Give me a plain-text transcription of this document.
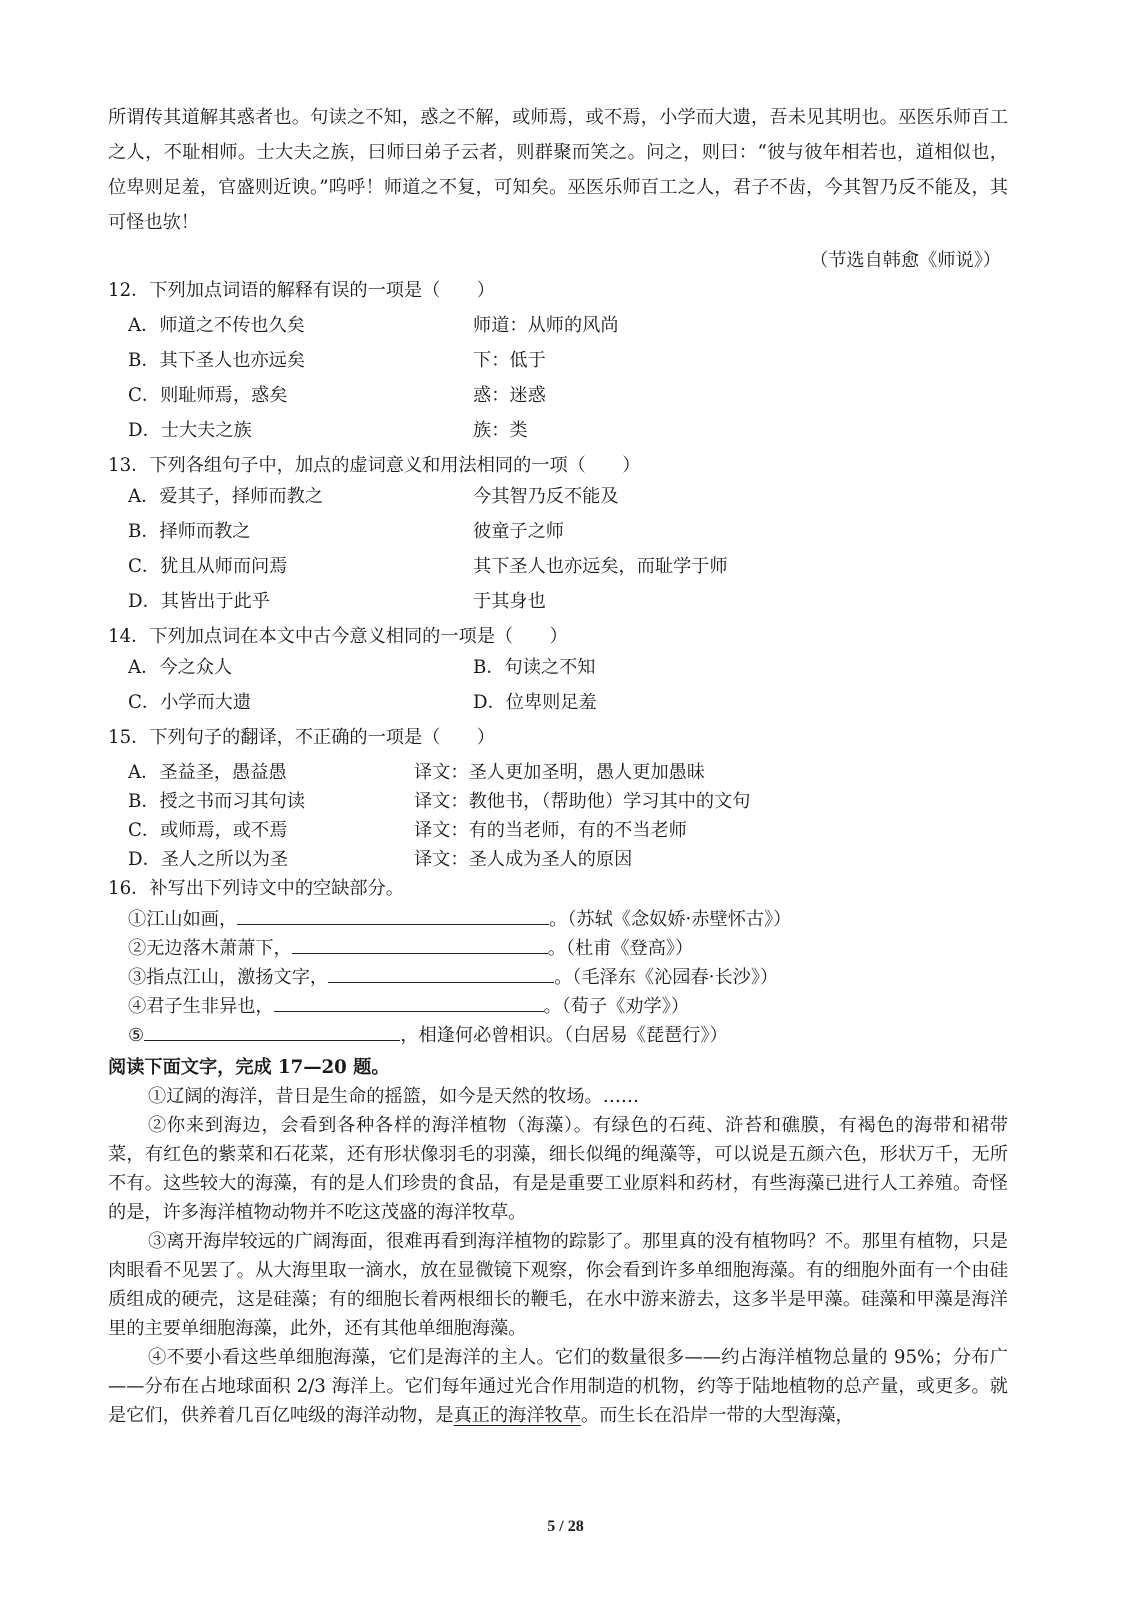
所谓传其道解其惑者也。句读之不知，惑之不解，或师焉，或不焉，小学而大遗，吾未见其明也。巫医乐师百工之人，不耻相师。士大夫之族，曰师曰弟子云者，则群聚而笑之。问之，则曰：“彼与彼年相若也，道相似也，位卑则足羞，官盛则近谀。”呜呼！师道之不复，可知矣。巫医乐师百工之人，君子不齿，今其智乃反不能及，其可怪也欤！

（节选自韩愈《师说》）
12．下列加点词语的解释有误的一项是（　　）
A．师道之不传也久矣	师道：从师的风尚
B．其下圣人也亦远矣	下：低于
C．则耻师焉，惑矣	惑：迷惑
D．士大夫之族	族：类
13．下列各组句子中，加点的虚词意义和用法相同的一项（　　）
A．爱其子，择师而教之	今其智乃反不能及
B．择师而教之	彼童子之师
C．犹且从师而问焉	其下圣人也亦远矣，而耻学于师
D．其皆出于此乎	于其身也
14．下列加点词在本文中古今意义相同的一项是（　　）
A．今之众人	B．句读之不知
C．小学而大遗	D．位卑则足羞
15．下列句子的翻译，不正确的一项是（　　）
A．圣益圣，愚益愚	译文：圣人更加圣明，愚人更加愚昧
B．授之书而习其句读	译文：教他书，（帮助他）学习其中的文句
C．或师焉，或不焉	译文：有的当老师，有的不当老师
D．圣人之所以为圣	译文：圣人成为圣人的原因
16．补写出下列诗文中的空缺部分。
①江山如画，	。（苏轼《念奴娇·赤壁怀古》）
②无边落木萧萧下，	。（杜甫《登高》）
③指点江山，激扬文字，	。（毛泽东《沁园春·长沙》）
④君子生非异也，	。（荀子《劝学》）
⑤	，相逢何必曾相识。（白居易《琵琶行》）
阅读下面文字，完成 17—20 题。

①辽阔的海洋，昔日是生命的摇篮，如今是天然的牧场。……

②你来到海边，会看到各种各样的海洋植物（海藻）。有绿色的石莼、浒苔和礁膜，有褐色的海带和裙带菜，有红色的紫菜和石花菜，还有形状像羽毛的羽藻，细长似绳的绳藻等，可以说是五颜六色，形状万千，无所不有。这些较大的海藻，有的是人们珍贵的食品，有是是重要工业原料和药材，有些海藻已进行人工养殖。奇怪的是，许多海洋植物动物并不吃这茂盛的海洋牧草。

③离开海岸较远的广阔海面，很难再看到海洋植物的踪影了。那里真的没有植物吗？不。那里有植物，只是肉眼看不见罢了。从大海里取一滴水，放在显微镜下观察，你会看到许多单细胞海藻。有的细胞外面有一个由硅质组成的硬壳，这是硅藻；有的细胞长着两根细长的鞭毛，在水中游来游去，这多半是甲藻。硅藻和甲藻是海洋里的主要单细胞海藻，此外，还有其他单细胞海藻。

④不要小看这些单细胞海藻，它们是海洋的主人。它们的数量很多——约占海洋植物总量的 95%；分布广——分布在占地球面积 2/3 海洋上。它们每年通过光合作用制造的机物，约等于陆地植物的总产量，或更多。就是它们，供养着几百亿吨级的海洋动物，是真正的海洋牧草。而生长在沿岸一带的大型海藻，

5 / 28
